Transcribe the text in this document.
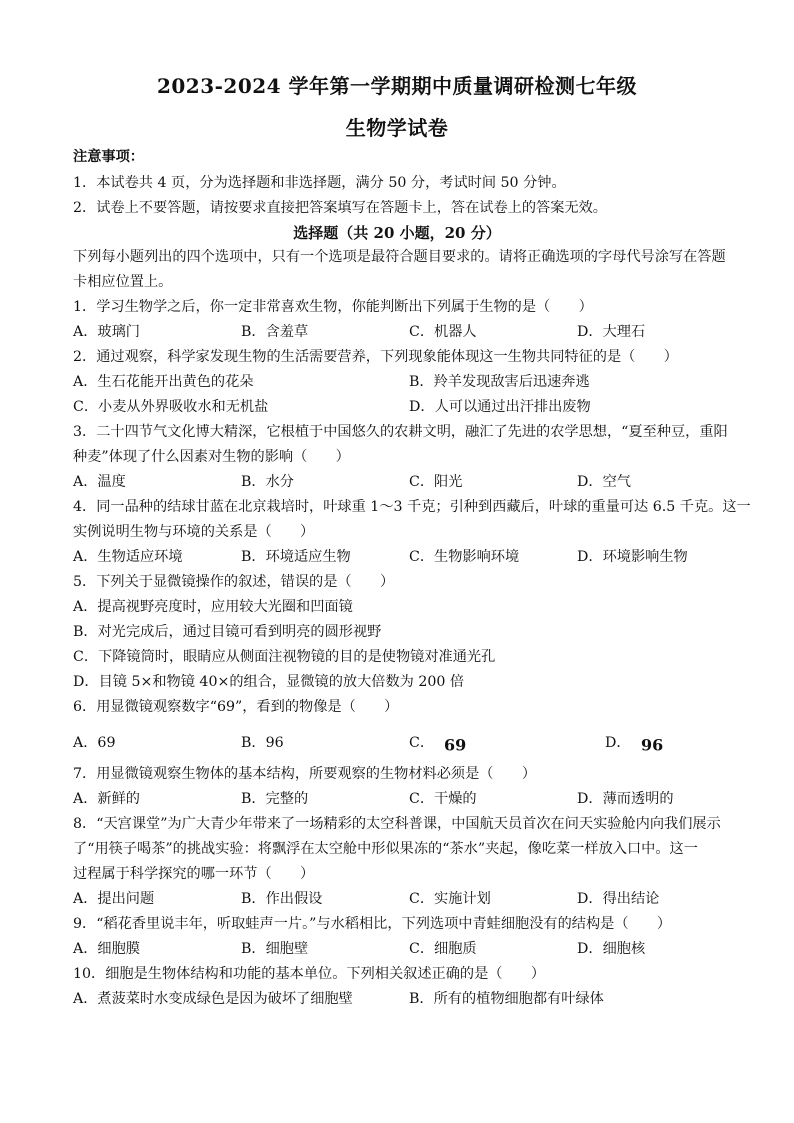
2023-2024 学年第一学期期中质量调研检测七年级
生物学试卷
注意事项：
1．本试卷共 4 页，分为选择题和非选择题，满分 50 分，考试时间 50 分钟。
2．试卷上不要答题，请按要求直接把答案填写在答题卡上，答在试卷上的答案无效。
选择题（共 20 小题，20 分）
下列每小题列出的四个选项中，只有一个选项是最符合题目要求的。请将正确选项的字母代号涂写在答题
卡相应位置上。
1．学习生物学之后，你一定非常喜欢生物，你能判断出下列属于生物的是（　　）
A．玻璃门	B．含羞草	C．机器人	D．大理石
2．通过观察，科学家发现生物的生活需要营养，下列现象能体现这一生物共同特征的是（　　）
A．生石花能开出黄色的花朵	B．羚羊发现敌害后迅速奔逃
C．小麦从外界吸收水和无机盐	D．人可以通过出汗排出废物
3．二十四节气文化博大精深，它根植于中国悠久的农耕文明，融汇了先进的农学思想，“夏至种豆，重阳
种麦”体现了什么因素对生物的影响（　　）
A．温度	B．水分	C．阳光	D．空气
4．同一品种的结球甘蓝在北京栽培时，叶球重 1～3 千克；引种到西藏后，叶球的重量可达 6.5 千克。这一
实例说明生物与环境的关系是（　　）
A．生物适应环境	B．环境适应生物	C．生物影响环境	D．环境影响生物
5．下列关于显微镜操作的叙述，错误的是（　　）
A．提高视野亮度时，应用较大光圈和凹面镜
B．对光完成后，通过目镜可看到明亮的圆形视野
C．下降镜筒时，眼睛应从侧面注视物镜的目的是使物镜对准通光孔
D．目镜 5×和物镜 40×的组合，显微镜的放大倍数为 200 倍
6．用显微镜观察数字“69”，看到的物像是（　　）
A．69	B．96	C． 69	D． 96
7．用显微镜观察生物体的基本结构，所要观察的生物材料必须是（　　）
A．新鲜的	B．完整的	C．干燥的	D．薄而透明的
8．“天宫课堂”为广大青少年带来了一场精彩的太空科普课，中国航天员首次在问天实验舱内向我们展示
了“用筷子喝茶”的挑战实验：将飘浮在太空舱中形似果冻的“茶水”夹起，像吃菜一样放入口中。这一
过程属于科学探究的哪一环节（　　）
A．提出问题	B．作出假设	C．实施计划	D．得出结论
9．“稻花香里说丰年，听取蛙声一片。”与水稻相比，下列选项中青蛙细胞没有的结构是（　　）
A．细胞膜	B．细胞壁	C．细胞质	D．细胞核
10．细胞是生物体结构和功能的基本单位。下列相关叙述正确的是（　　）
A．煮菠菜时水变成绿色是因为破坏了细胞壁	B．所有的植物细胞都有叶绿体
